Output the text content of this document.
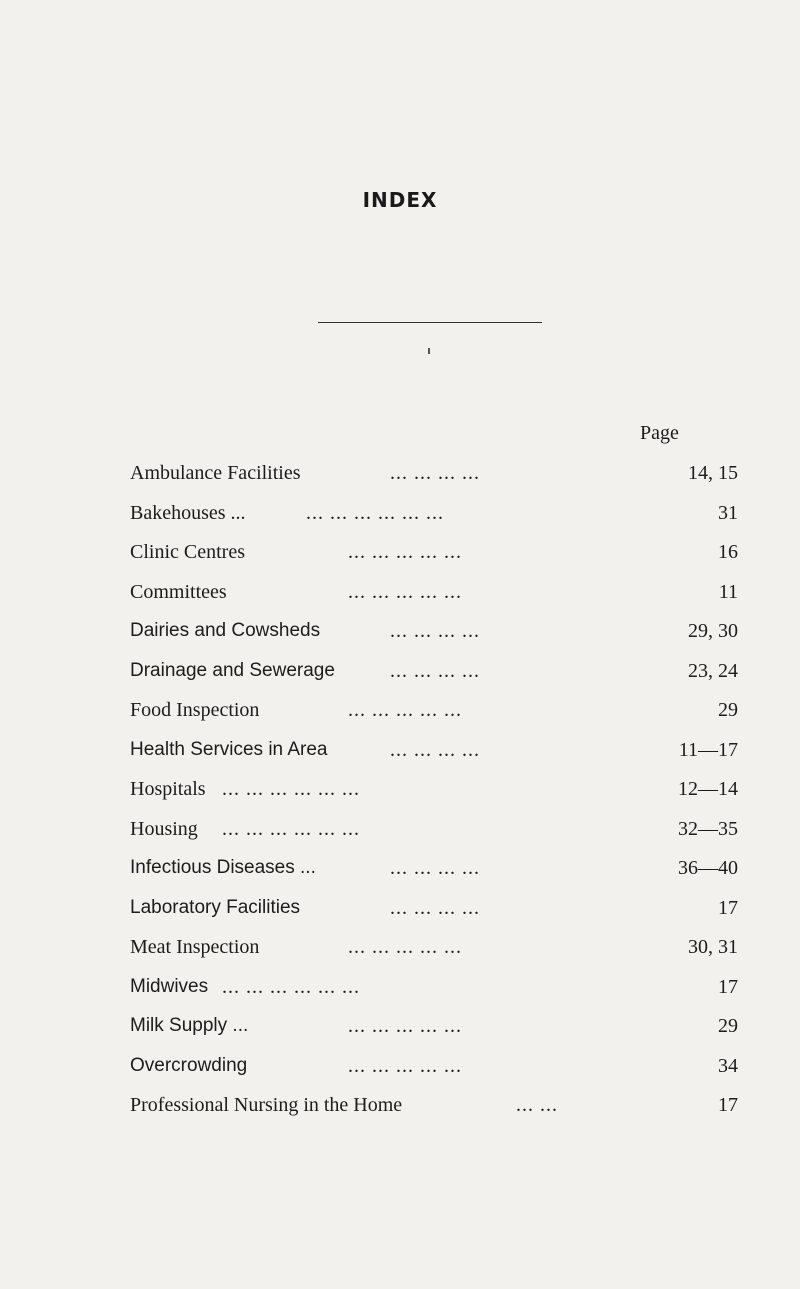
INDEX
Page
Ambulance Facilities	... ... ... ...	14, 15
Bakehouses ...	... ... ... ... ... ...	31
Clinic Centres	... ... ... ... ...	16
Committees	... ... ... ... ...	11
Dairies and Cowsheds	... ... ... ...	29, 30
Drainage and Sewerage	... ... ... ...	23, 24
Food Inspection	... ... ... ... ...	29
Health Services in Area	... ... ... ...	11—17
Hospitals ... ... ... ... ... ...	12—14
Housing ... ... ... ... ... ...	32—35
Infectious Diseases ...	... ... ... ...	36—40
Laboratory Facilities	... ... ... ...	17
Meat Inspection	... ... ... ... ...	30, 31
Midwives ... ... ... ... ... ...	17
Milk Supply ...	... ... ... ... ...	29
Overcrowding	... ... ... ... ...	34
Professional Nursing in the Home	... ...	17
